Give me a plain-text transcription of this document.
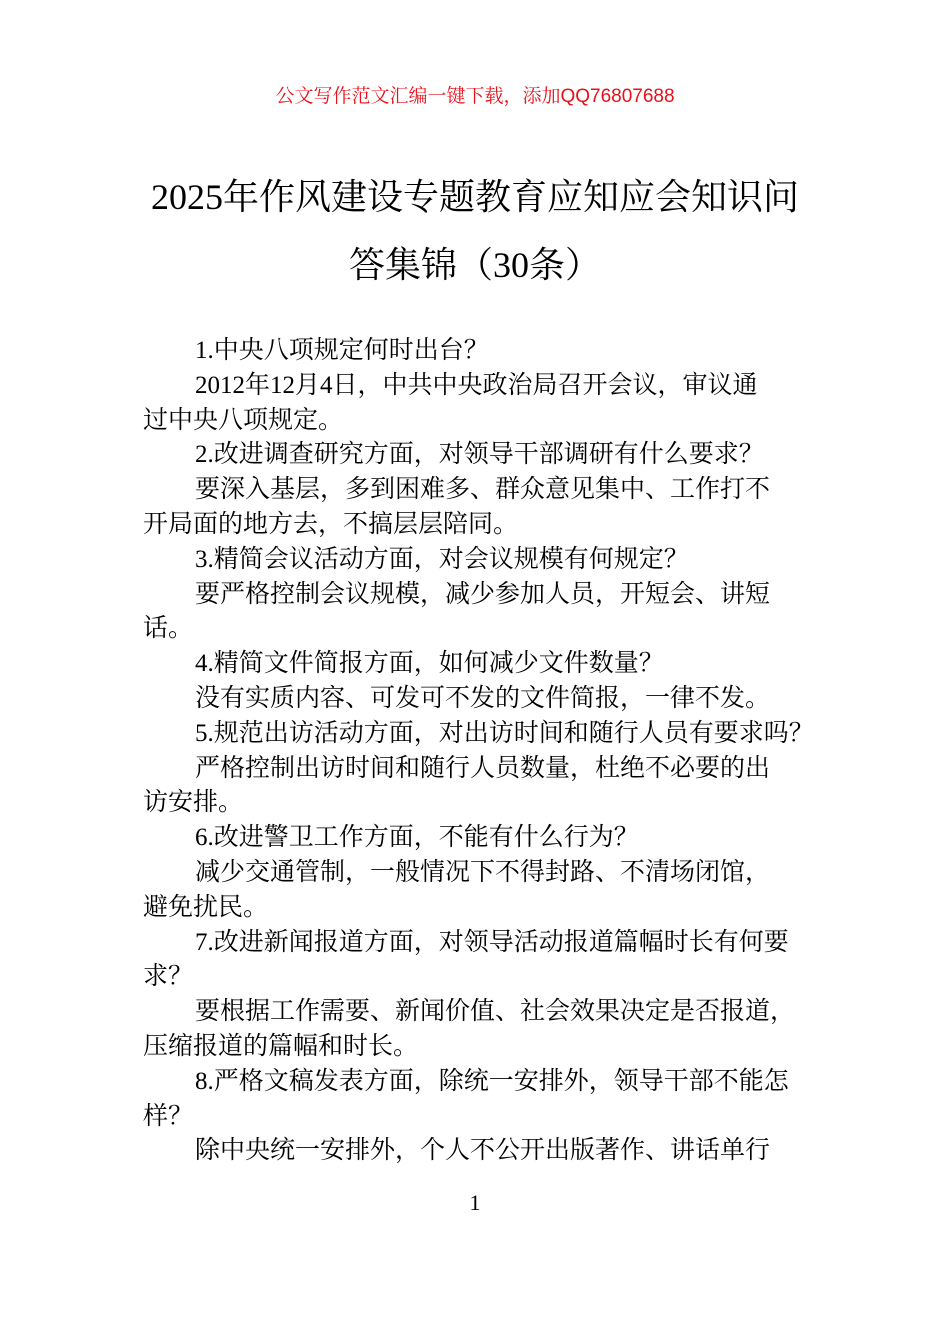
公文写作范文汇编一键下载，添加QQ76807688
2025年作风建设专题教育应知应会知识问
答集锦（30条）
1.中央八项规定何时出台？
2012年12月4日，中共中央政治局召开会议，审议通
过中央八项规定。
2.改进调查研究方面，对领导干部调研有什么要求？
要深入基层，多到困难多、群众意见集中、工作打不
开局面的地方去，不搞层层陪同。
3.精简会议活动方面，对会议规模有何规定？
要严格控制会议规模，减少参加人员，开短会、讲短
话。
4.精简文件简报方面，如何减少文件数量？
没有实质内容、可发可不发的文件简报，一律不发。
5.规范出访活动方面，对出访时间和随行人员有要求吗？
严格控制出访时间和随行人员数量，杜绝不必要的出
访安排。
6.改进警卫工作方面，不能有什么行为？
减少交通管制，一般情况下不得封路、不清场闭馆，
避免扰民。
7.改进新闻报道方面，对领导活动报道篇幅时长有何要
求？
要根据工作需要、新闻价值、社会效果决定是否报道，
压缩报道的篇幅和时长。
8.严格文稿发表方面，除统一安排外，领导干部不能怎
样？
除中央统一安排外，个人不公开出版著作、讲话单行
1
